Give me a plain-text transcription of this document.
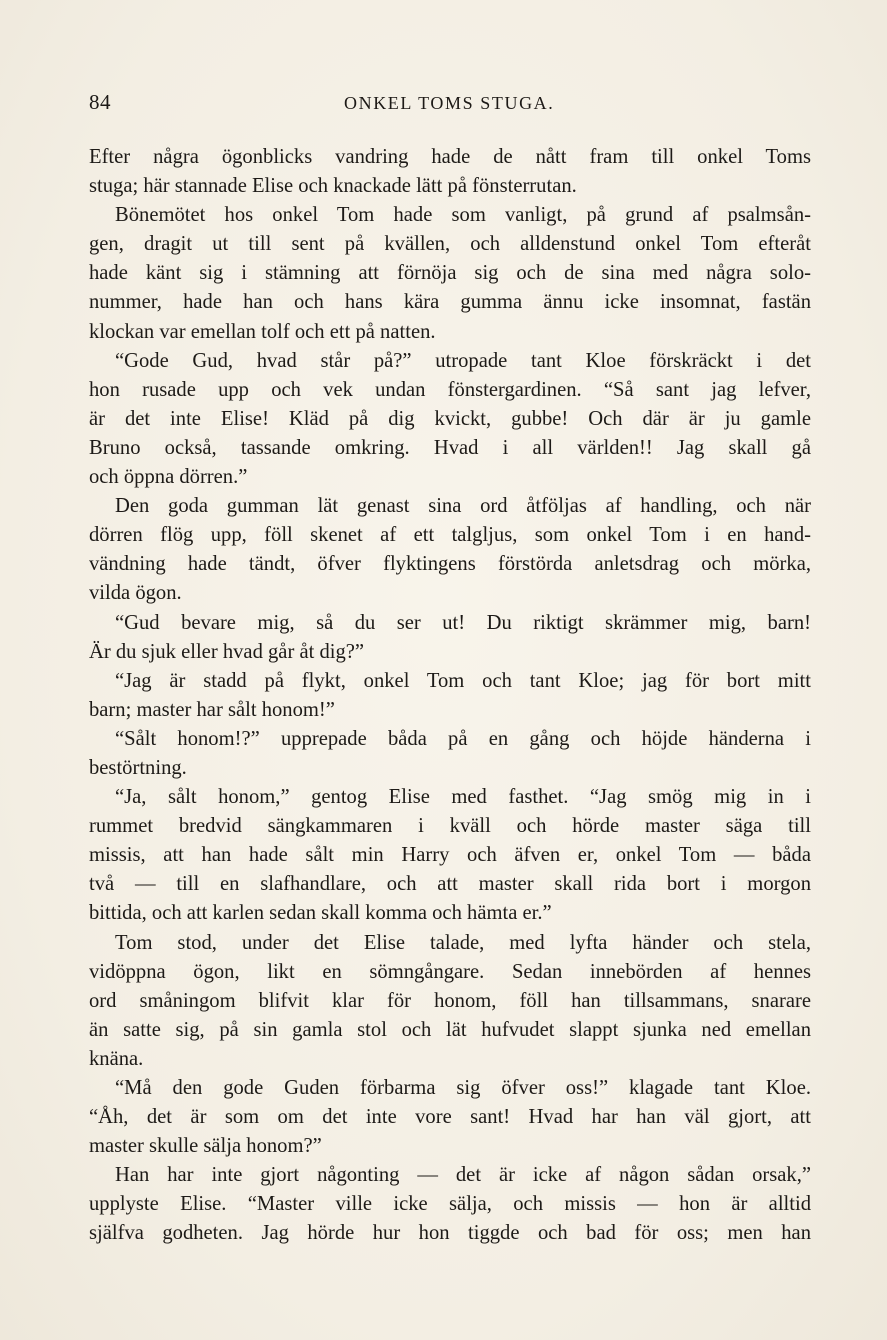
84	ONKEL TOMS STUGA.
Efter några ögonblicks vandring hade de nått fram till onkel Toms
stuga; här stannade Elise och knackade lätt på fönsterrutan.
Bönemötet hos onkel Tom hade som vanligt, på grund af psalmsån-
gen, dragit ut till sent på kvällen, och alldenstund onkel Tom efteråt
hade känt sig i stämning att förnöja sig och de sina med några solo-
nummer, hade han och hans kära gumma ännu icke insomnat, fastän
klockan var emellan tolf och ett på natten.
“Gode Gud, hvad står på?” utropade tant Kloe förskräckt i det
hon rusade upp och vek undan fönstergardinen. “Så sant jag lefver,
är det inte Elise! Kläd på dig kvickt, gubbe! Och där är ju gamle
Bruno också, tassande omkring. Hvad i all världen!! Jag skall gå
och öppna dörren.”
Den goda gumman lät genast sina ord åtföljas af handling, och när
dörren flög upp, föll skenet af ett talgljus, som onkel Tom i en hand-
vändning hade tändt, öfver flyktingens förstörda anletsdrag och mörka,
vilda ögon.
“Gud bevare mig, så du ser ut! Du riktigt skrämmer mig, barn!
Är du sjuk eller hvad går åt dig?”
“Jag är stadd på flykt, onkel Tom och tant Kloe; jag för bort mitt
barn; master har sålt honom!”
“Sålt honom!?” upprepade båda på en gång och höjde händerna i
bestörtning.
“Ja, sålt honom,” gentog Elise med fasthet. “Jag smög mig in i
rummet bredvid sängkammaren i kväll och hörde master säga till
missis, att han hade sålt min Harry och äfven er, onkel Tom — båda
två — till en slafhandlare, och att master skall rida bort i morgon
bittida, och att karlen sedan skall komma och hämta er.”
Tom stod, under det Elise talade, med lyfta händer och stela,
vidöppna ögon, likt en sömngångare. Sedan innebörden af hennes
ord småningom blifvit klar för honom, föll han tillsammans, snarare
än satte sig, på sin gamla stol och lät hufvudet slappt sjunka ned emellan
knäna.
“Må den gode Guden förbarma sig öfver oss!” klagade tant Kloe.
“Åh, det är som om det inte vore sant! Hvad har han väl gjort, att
master skulle sälja honom?”
Han har inte gjort någonting — det är icke af någon sådan orsak,”
upplyste Elise. “Master ville icke sälja, och missis — hon är alltid
själfva godheten. Jag hörde hur hon tiggde och bad för oss; men han
